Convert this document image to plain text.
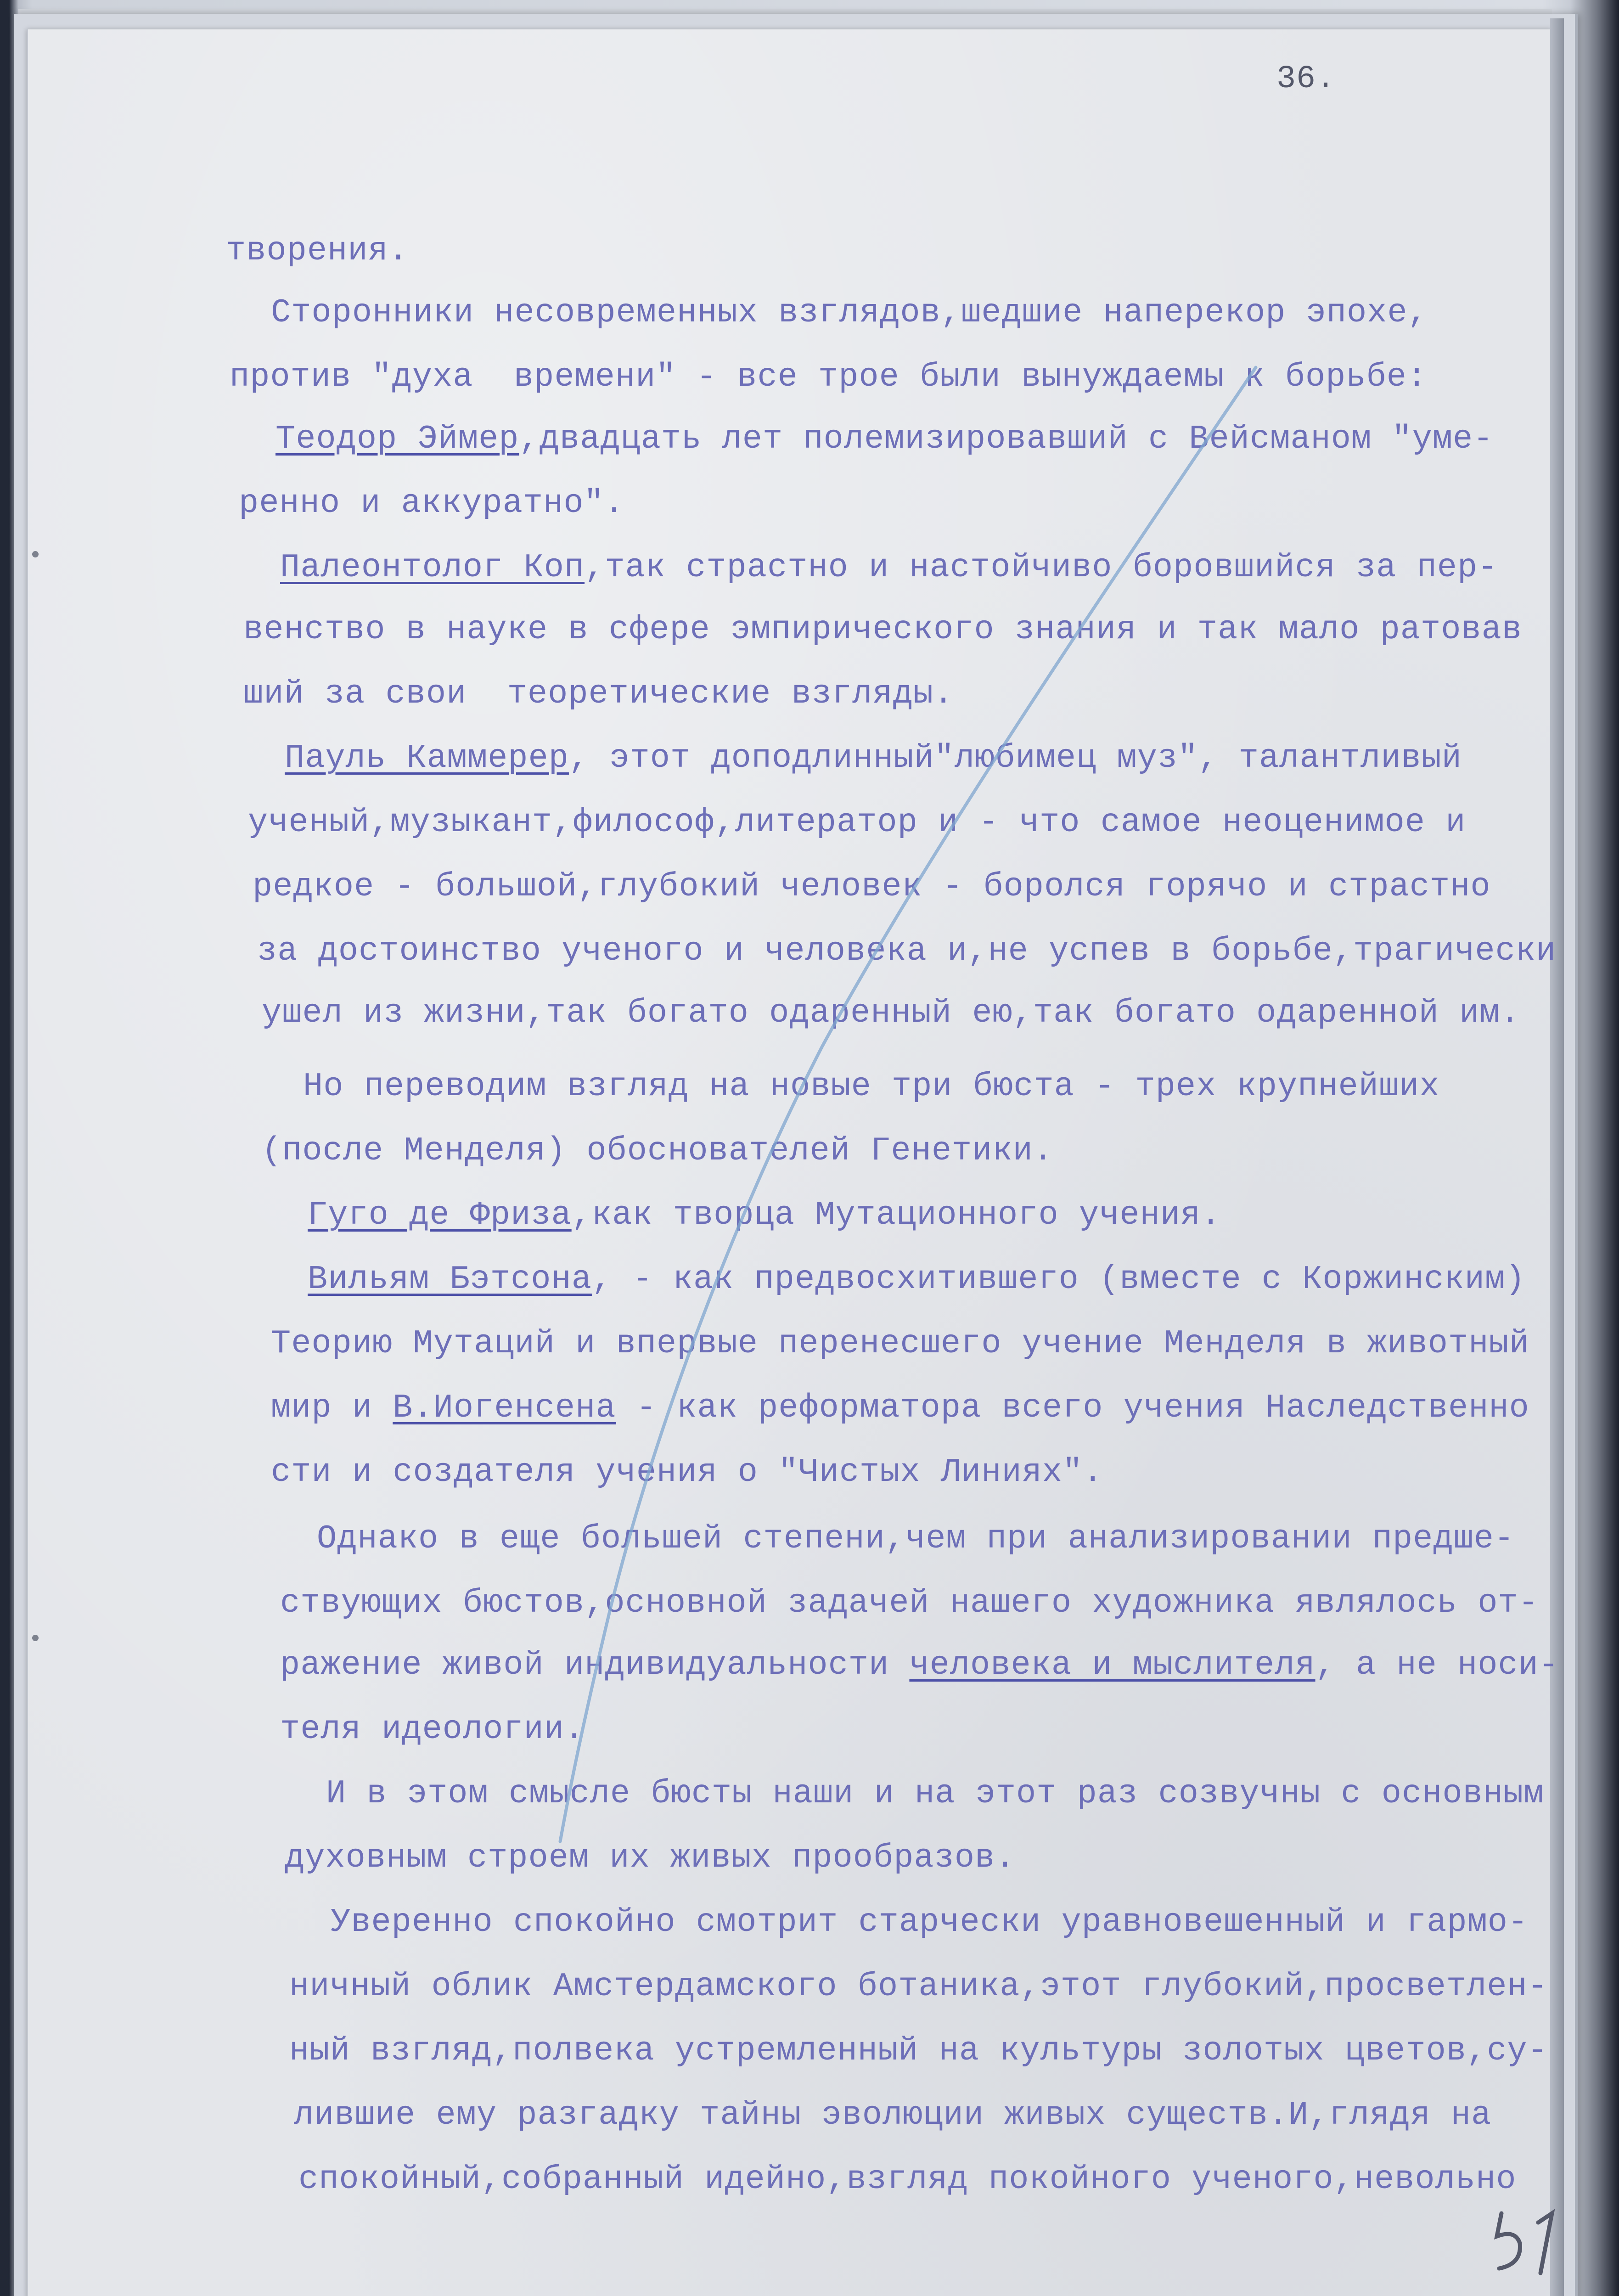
36.
творения.
Сторонники несовременных взглядов,шедшие наперекор эпохе,
против "духа  времени" - все трое были вынуждаемы к борьбе:
Теодор Эймер,двадцать лет полемизировавший с Вейсманом "уме-
ренно и аккуратно".
Палеонтолог Коп,так страстно и настойчиво боровшийся за пер-
венство в науке в сфере эмпирического знания и так мало ратовав
ший за свои  теоретические взгляды.
Пауль Каммерер, этот доподлинный"любимец муз", талантливый
ученый,музыкант,философ,литератор и - что самое неоценимое и
редкое - большой,глубокий человек - боролся горячо и страстно
за достоинство ученого и человека и,не успев в борьбе,трагически
ушел из жизни,так богато одаренный ею,так богато одаренной им.
Но переводим взгляд на новые три бюста - трех крупнейших
(после Менделя) обоснователей Генетики.
Гуго де Фриза,как творца Мутационного учения.
Вильям Бэтсона, - как предвосхитившего (вместе с Коржинским)
Теорию Мутаций и впервые перенесшего учение Менделя в животный
мир и В.Иогенсена - как реформатора всего учения Наследственно
сти и создателя учения о "Чистых Линиях".
Однако в еще большей степени,чем при анализировании предше-
ствующих бюстов,основной задачей нашего художника являлось от-
ражение живой индивидуальности человека и мыслителя, а не носи-
теля идеологии.
И в этом смысле бюсты наши и на этот раз созвучны с основным
духовным строем их живых прообразов.
Уверенно спокойно смотрит старчески уравновешенный и гармо-
ничный облик Амстердамского ботаника,этот глубокий,просветлен-
ный взгляд,полвека устремленный на культуры золотых цветов,су-
лившие ему разгадку тайны эволюции живых существ.И,глядя на
спокойный,собранный идейно,взгляд покойного ученого,невольно
